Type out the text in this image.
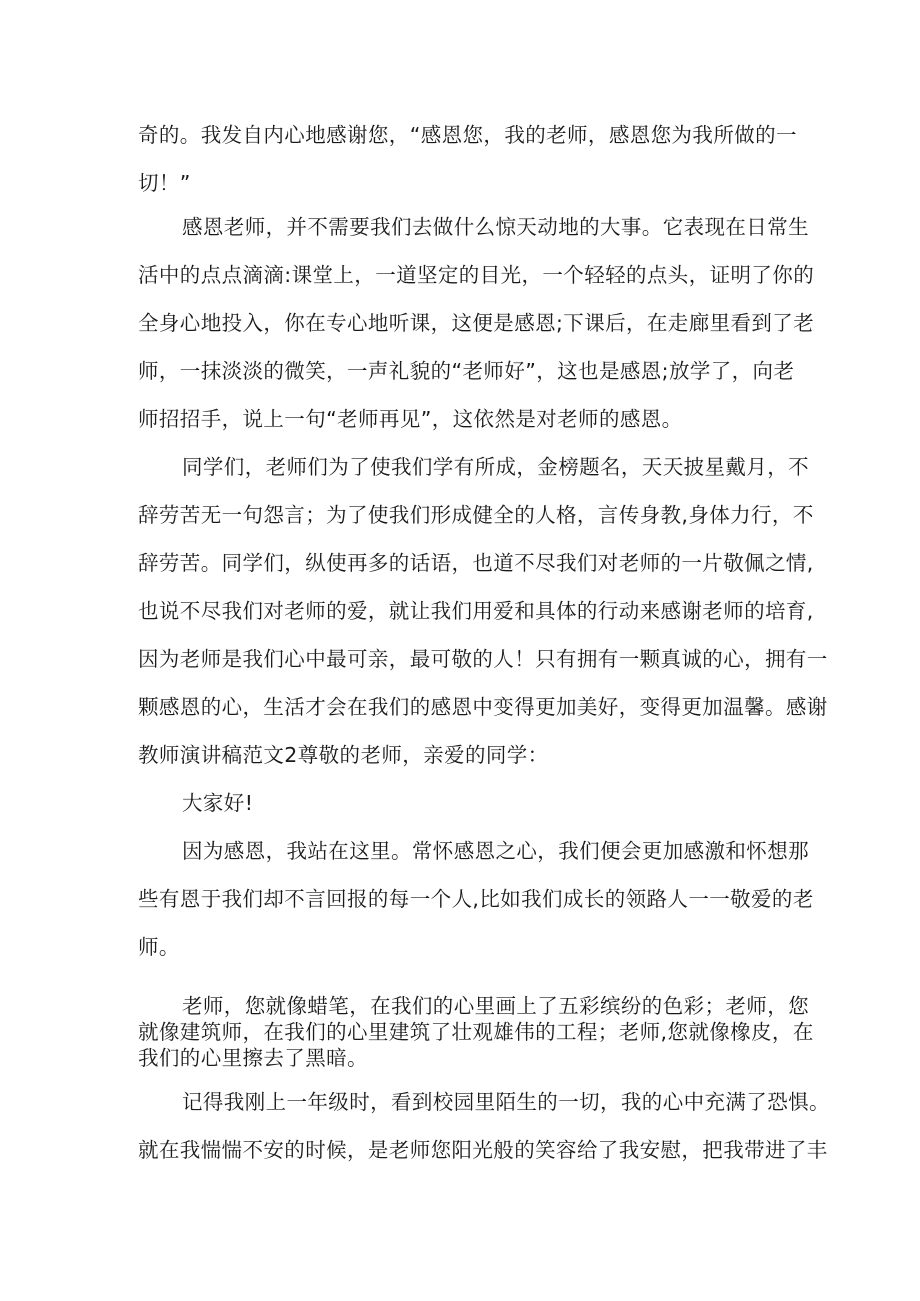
奇的。我发自内心地感谢您，“感恩您，我的老师，感恩您为我所做的一
切！”
感恩老师，并不需要我们去做什么惊天动地的大事。它表现在日常生
活中的点点滴滴:课堂上，一道坚定的目光，一个轻轻的点头，证明了你的
全身心地投入，你在专心地听课，这便是感恩;下课后，在走廊里看到了老
师，一抹淡淡的微笑，一声礼貌的“老师好”，这也是感恩;放学了，向老
师招招手，说上一句“老师再见”，这依然是对老师的感恩。
同学们，老师们为了使我们学有所成，金榜题名，天天披星戴月，不
辞劳苦无一句怨言；为了使我们形成健全的人格，言传身教,身体力行，不
辞劳苦。同学们，纵使再多的话语，也道不尽我们对老师的一片敬佩之情,
也说不尽我们对老师的爱，就让我们用爱和具体的行动来感谢老师的培育,
因为老师是我们心中最可亲，最可敬的人！只有拥有一颗真诚的心，拥有一
颗感恩的心，生活才会在我们的感恩中变得更加美好，变得更加温馨。感谢
教师演讲稿范文2尊敬的老师，亲爱的同学：
大家好!
因为感恩，我站在这里。常怀感恩之心，我们便会更加感激和怀想那
些有恩于我们却不言回报的每一个人,比如我们成长的领路人一一敬爱的老
师。
老师，您就像蜡笔，在我们的心里画上了五彩缤纷的色彩；老师，您
就像建筑师，在我们的心里建筑了壮观雄伟的工程；老师,您就像橡皮，在
我们的心里擦去了黑暗。
记得我刚上一年级时，看到校园里陌生的一切，我的心中充满了恐惧。
就在我惴惴不安的时候，是老师您阳光般的笑容给了我安慰，把我带进了丰
